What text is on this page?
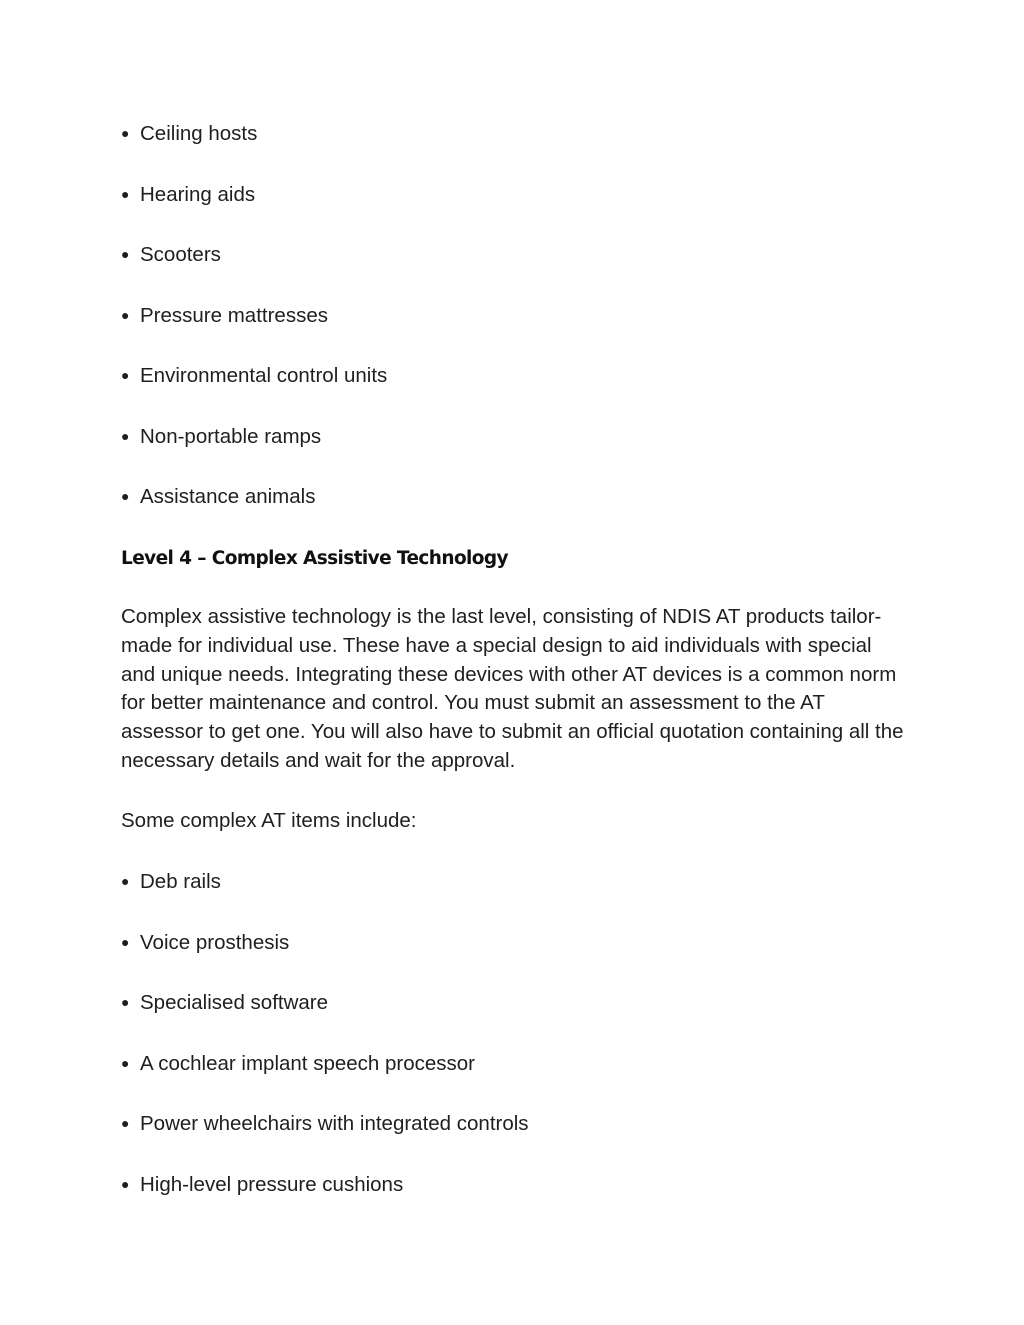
● Ceiling hosts
● Hearing aids
● Scooters
● Pressure mattresses
● Environmental control units
● Non-portable ramps
● Assistance animals
Level 4 – Complex Assistive Technology

Complex assistive technology is the last level, consisting of NDIS AT products tailor-made for individual use. These have a special design to aid individuals with special and unique needs. Integrating these devices with other AT devices is a common norm for better maintenance and control. You must submit an assessment to the AT assessor to get one. You will also have to submit an official quotation containing all the necessary details and wait for the approval.

Some complex AT items include:

● Deb rails
● Voice prosthesis
● Specialised software
● A cochlear implant speech processor
● Power wheelchairs with integrated controls
● High-level pressure cushions
